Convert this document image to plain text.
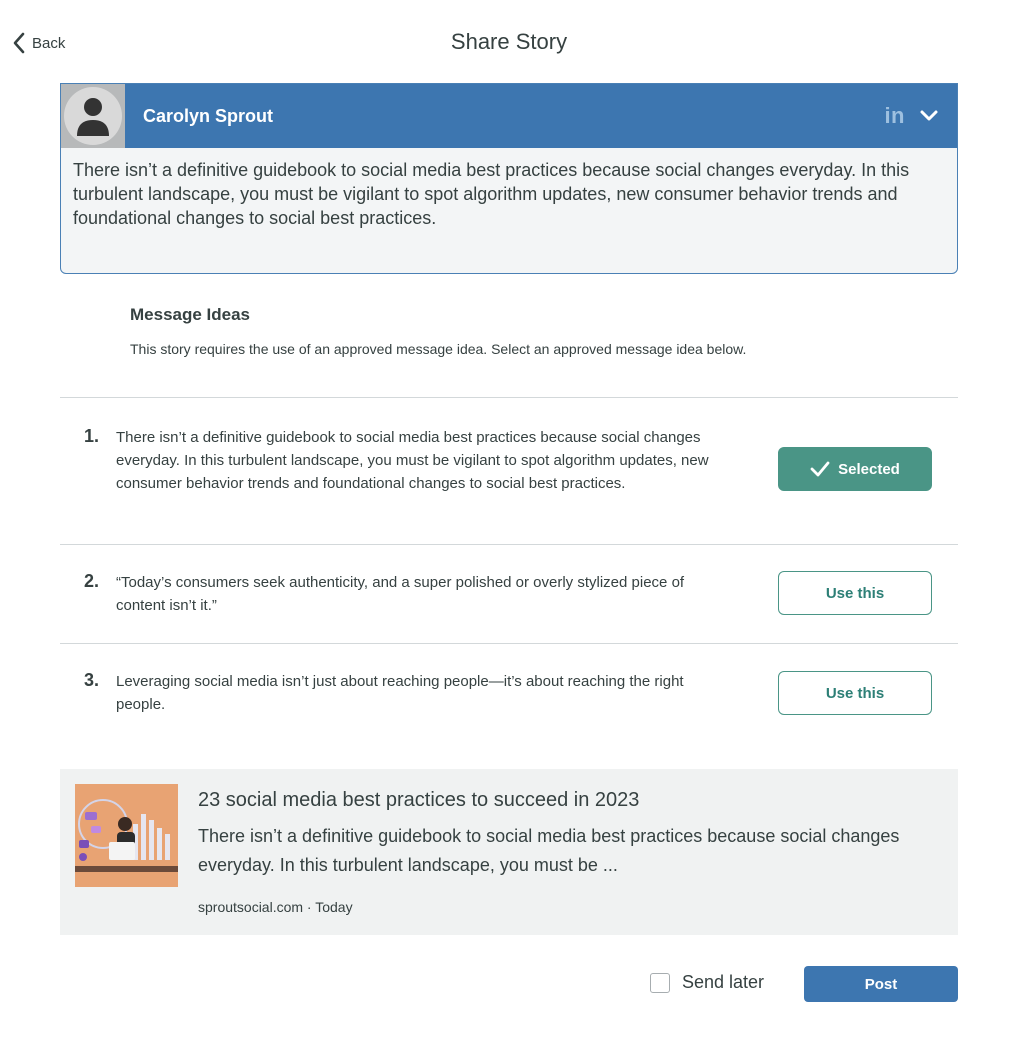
Back	Share Story
Carolyn Sprout	in
There isn’t a definitive guidebook to social media best practices because social changes everyday. In this turbulent landscape, you must be vigilant to spot algorithm updates, new consumer behavior trends and foundational changes to social best practices.
Message Ideas
This story requires the use of an approved message idea. Select an approved message idea below.
1. There isn’t a definitive guidebook to social media best practices because social changes everyday. In this turbulent landscape, you must be vigilant to spot algorithm updates, new consumer behavior trends and foundational changes to social best practices.
Selected
2. “Today’s consumers seek authenticity, and a super polished or overly stylized piece of content isn’t it.”
Use this
3. Leveraging social media isn’t just about reaching people—it’s about reaching the right people.
Use this
23 social media best practices to succeed in 2023
There isn’t a definitive guidebook to social media best practices because social changes everyday. In this turbulent landscape, you must be ...
sproutsocial.com · Today
Send later	Post
